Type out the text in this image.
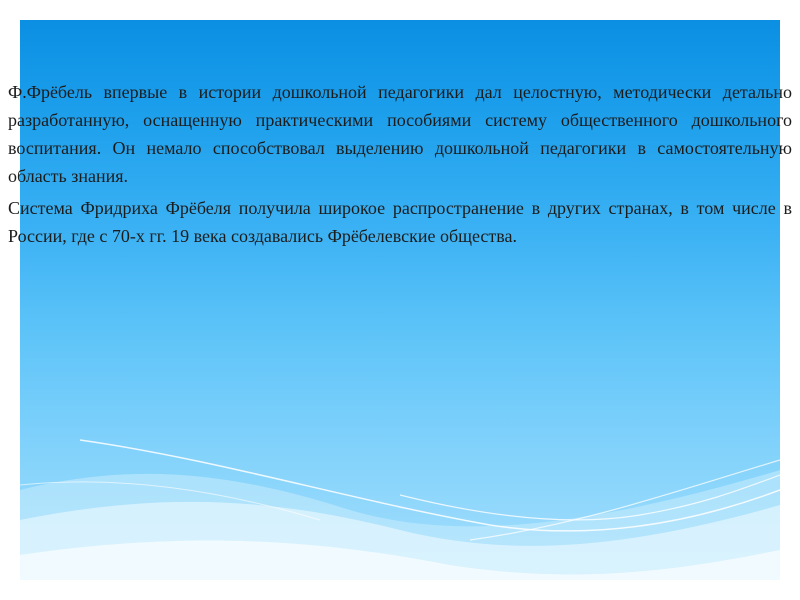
Ф.Фрёбель впервые в истории дошкольной педагогики дал целостную, методически детально разработанную, оснащенную практическими пособиями систему общественного дошкольного воспитания. Он немало способствовал выделению дошкольной педагогики в самостоятельную область знания.

Система Фридриха Фрёбеля получила широкое распространение в других странах, в том числе в России, где с 70-х гг. 19 века создавались Фрёбелевские общества.
